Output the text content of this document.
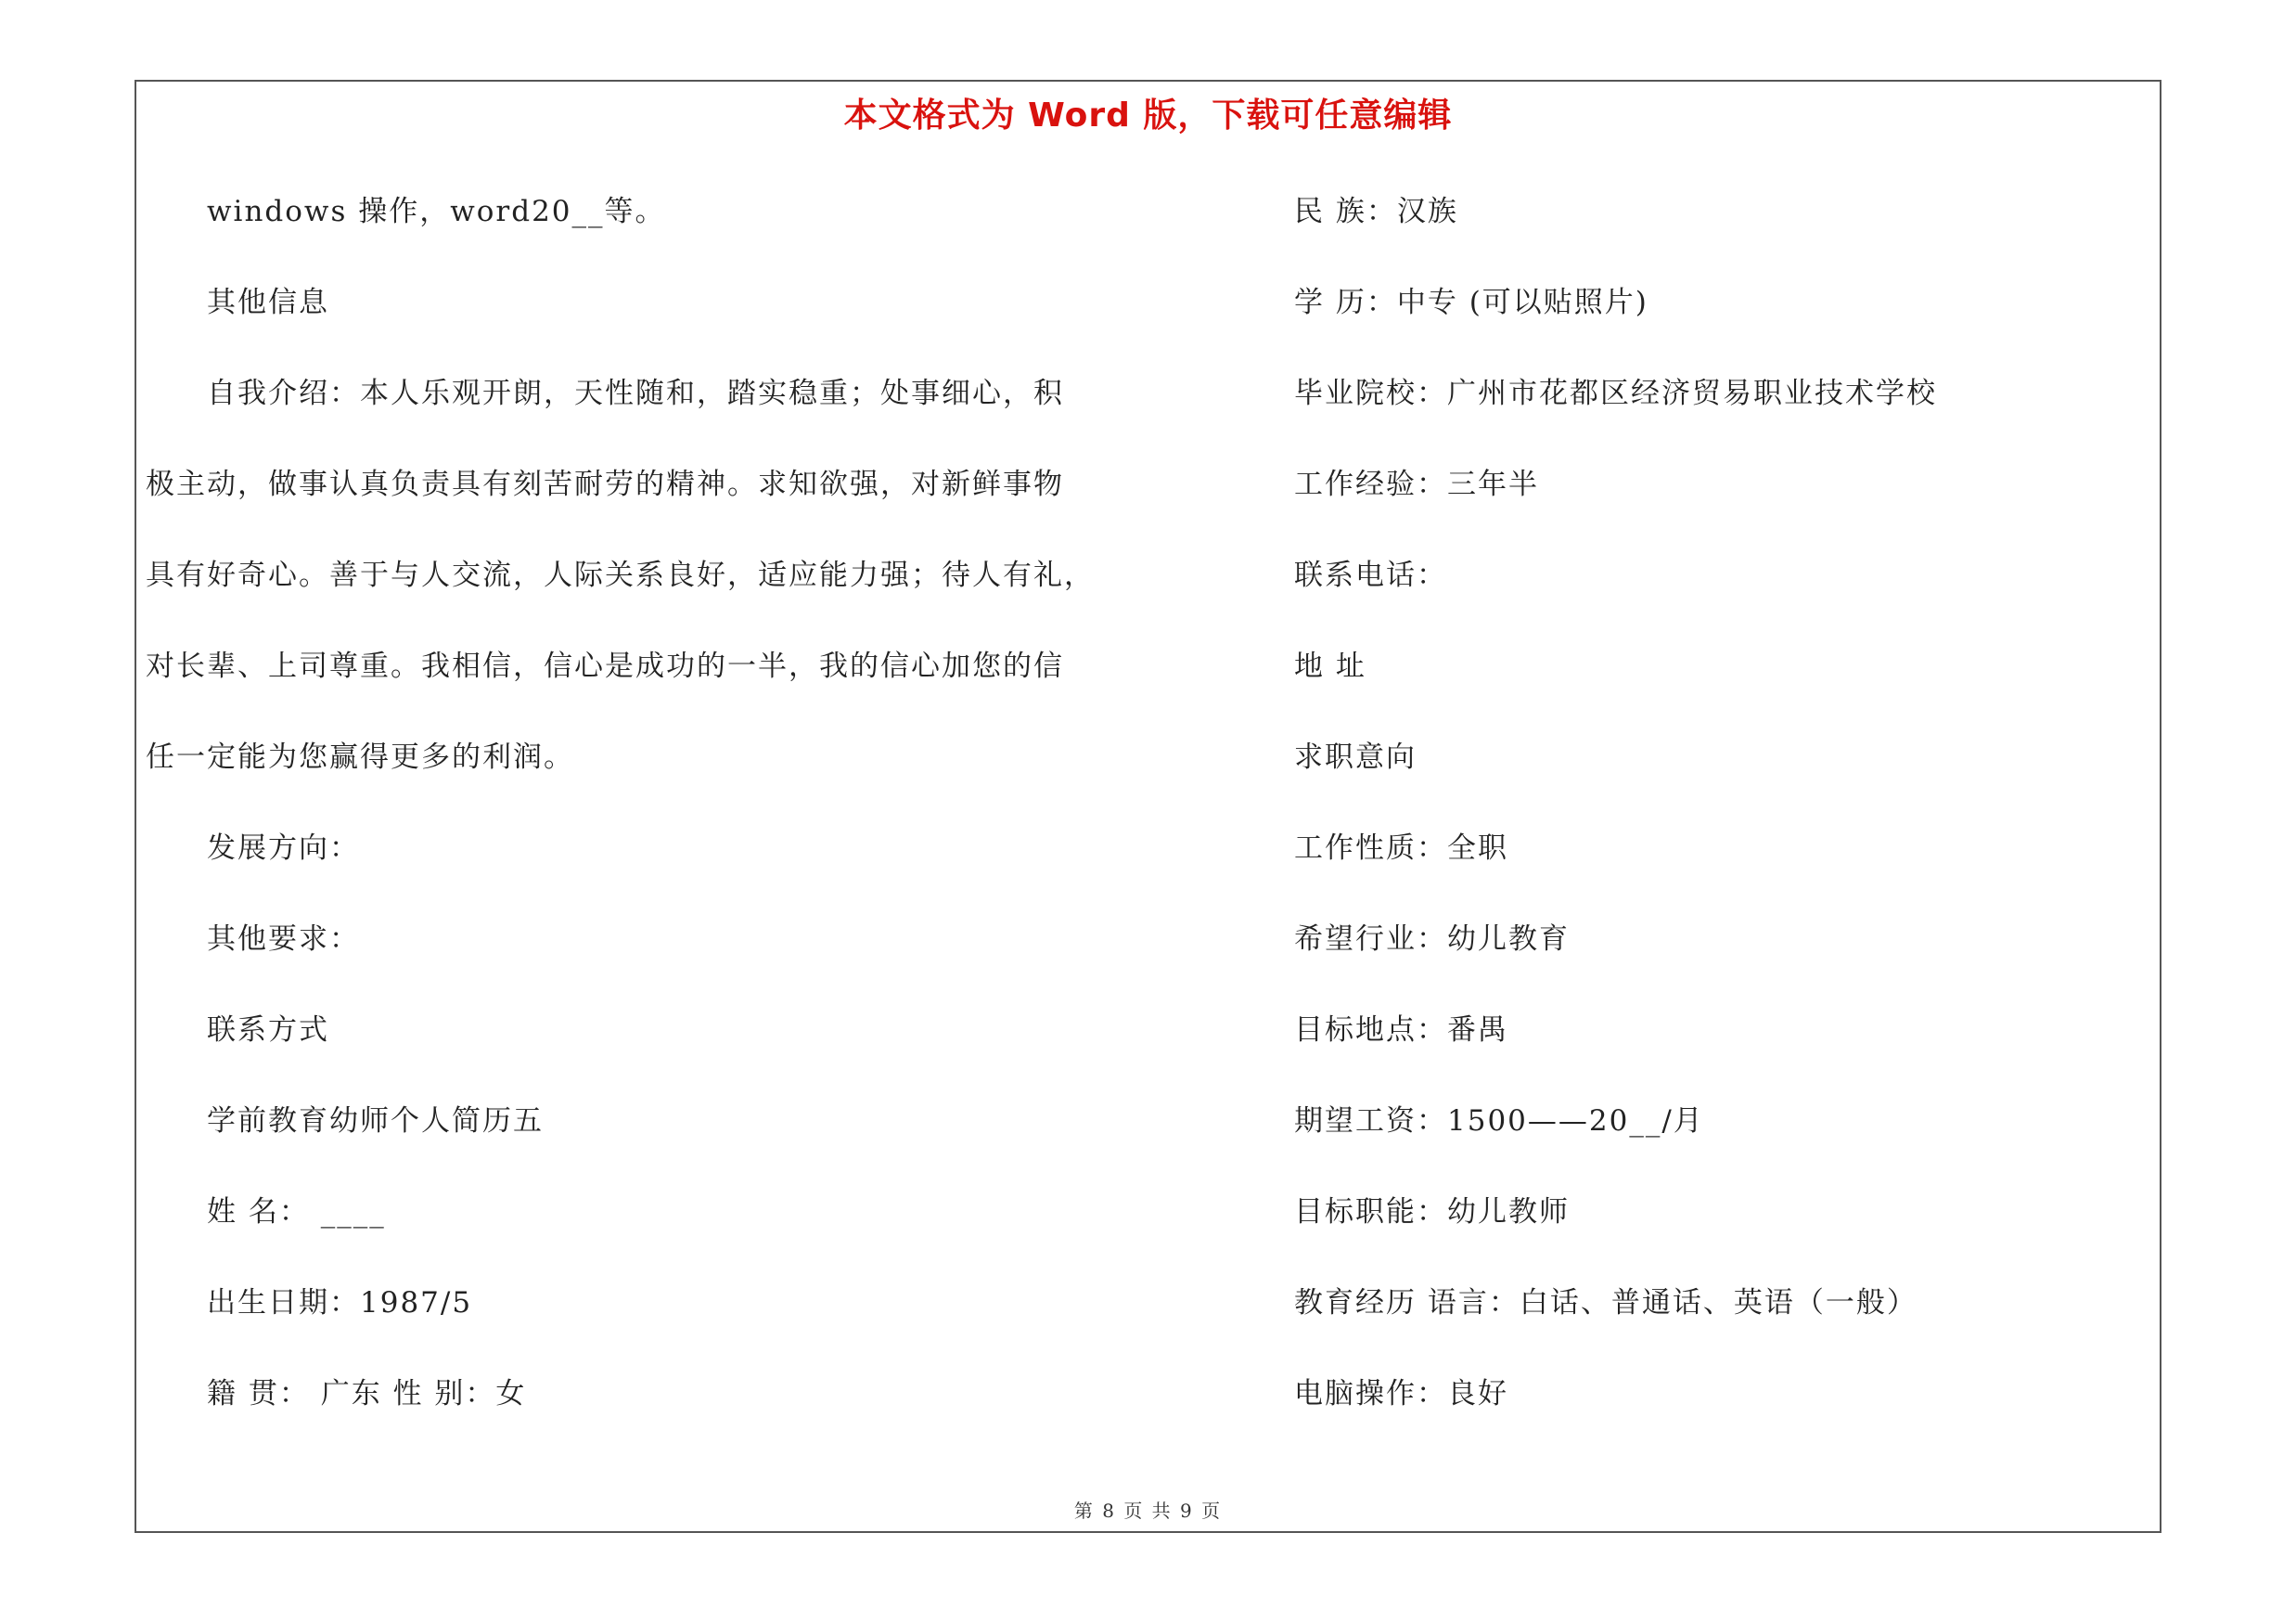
本文格式为 Word 版，下载可任意编辑
windows 操作，word20__等。
其他信息
自我介绍：本人乐观开朗，天性随和，踏实稳重；处事细心，积
极主动，做事认真负责具有刻苦耐劳的精神。求知欲强，对新鲜事物
具有好奇心。善于与人交流，人际关系良好，适应能力强；待人有礼，
对长辈、上司尊重。我相信，信心是成功的一半，我的信心加您的信
任一定能为您赢得更多的利润。
发展方向：
其他要求：
联系方式
学前教育幼师个人简历五
姓 名： ____
出生日期：1987/5
籍 贯： 广东 性 别：女
民 族：汉族
学 历：中专 (可以贴照片)
毕业院校：广州市花都区经济贸易职业技术学校
工作经验：三年半
联系电话：
地 址
求职意向
工作性质：全职
希望行业：幼儿教育
目标地点：番禺
期望工资：1500——20__/月
目标职能：幼儿教师
教育经历 语言：白话、普通话、英语（一般）
电脑操作：良好
第 8 页 共 9 页
